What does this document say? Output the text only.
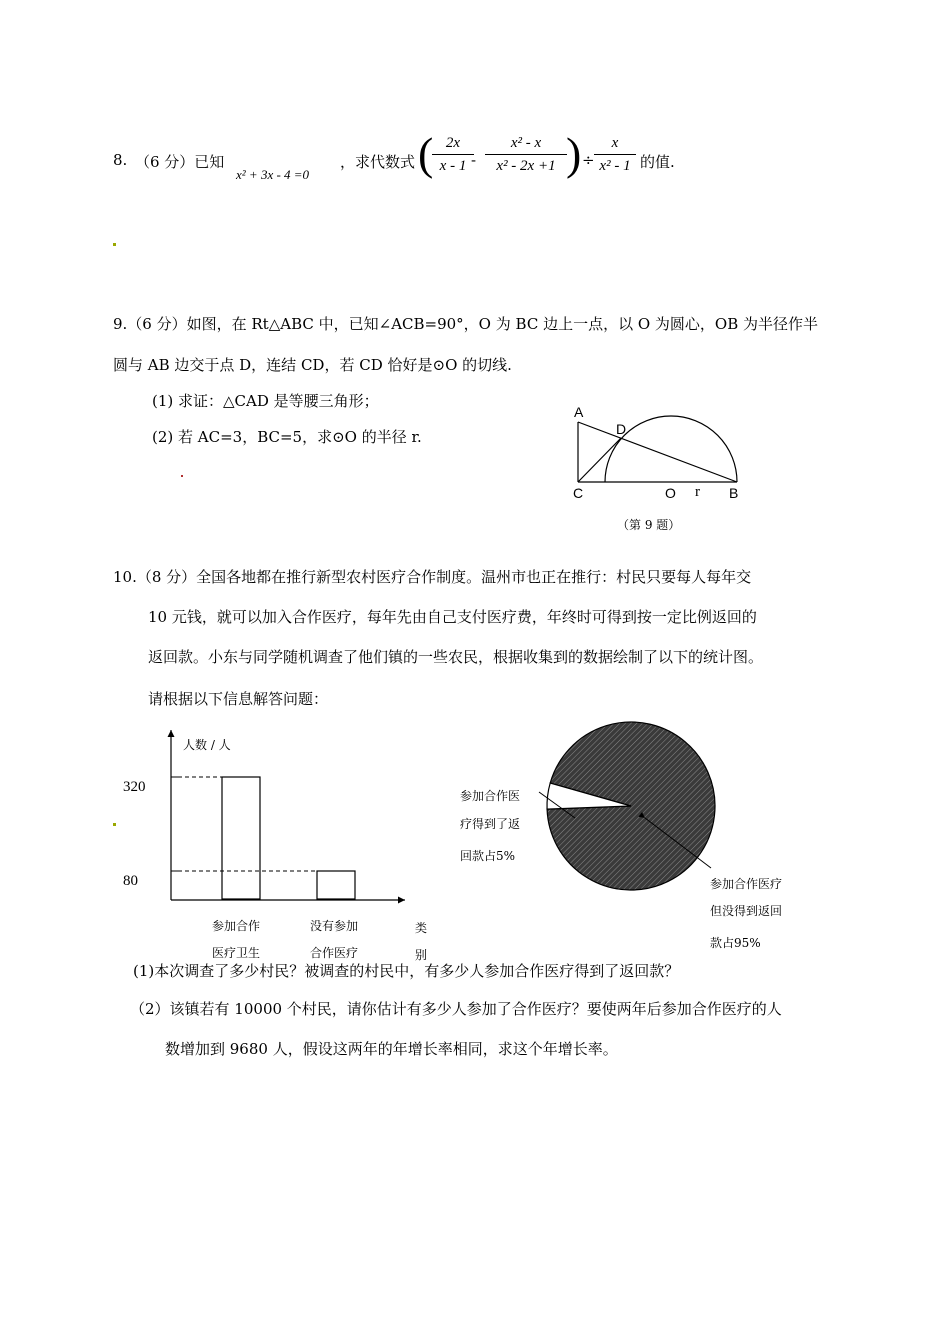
8. （6 分）已知
x² + 3x - 4 =0
，求代数式 ( 2x
x - 1 -
x² - x
x² - 2x +1 ) ÷
x
x² - 1 的值.
9.（6 分）如图，在 Rt△ABC 中，已知∠ACB=90°，O 为 BC 边上一点，以 O 为圆心，OB 为半径作半
圆与 AB 边交于点 D，连结 CD，若 CD 恰好是⊙O 的切线.
(1) 求证：△CAD 是等腰三角形；
(2) 若 AC=3，BC=5，求⊙O 的半径 r.
A
D
C	O r B
（第 9 题）
10.（8 分）全国各地都在推行新型农村医疗合作制度。温州市也正在推行：村民只要每人每年交
10 元钱，就可以加入合作医疗，每年先由自己支付医疗费，年终时可得到按一定比例返回的
返回款。小东与同学随机调查了他们镇的一些农民，根据收集到的数据绘制了以下的统计图。
请根据以下信息解答问题：
人数 / 人
320
参加合作
医疗卫生
80
没有参加
合作医疗
类
别
参加合作医
疗得到了返
回款占5%
参加合作医疗
但没得到返回
款占95%
(1)本次调查了多少村民？被调查的村民中，有多少人参加合作医疗得到了返回款？
（2）该镇若有 10000 个村民，请你估计有多少人参加了合作医疗？要使两年后参加合作医疗的人
数增加到 9680 人，假设这两年的年增长率相同，求这个年增长率。
